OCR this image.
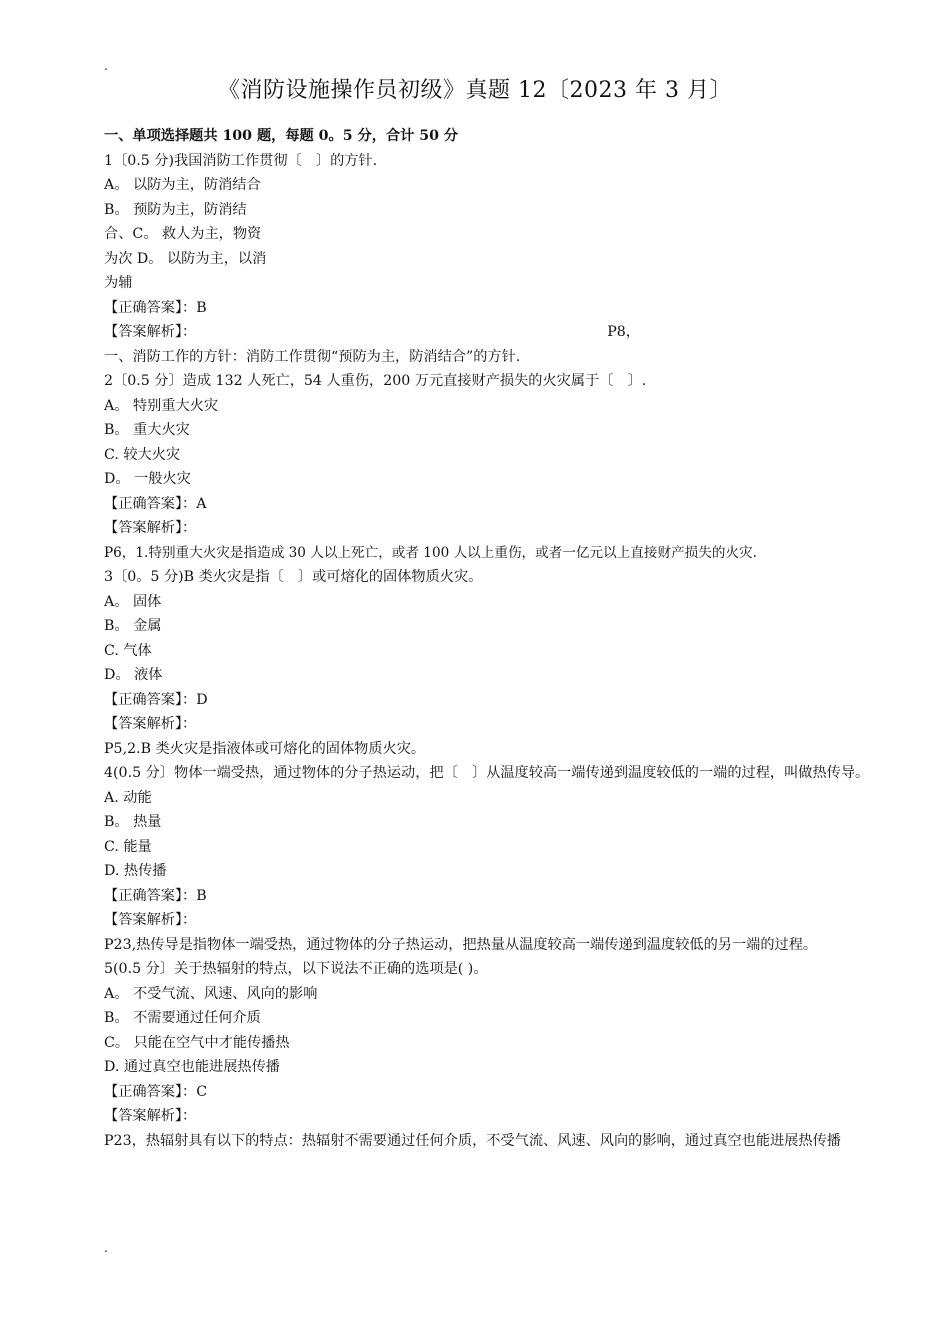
.
《消防设施操作员初级》真题 12〔2023 年 3 月〕
一、单项选择题共 100 题，每题 0。5 分，合计 50 分
1〔0.5 分)我国消防工作贯彻〔　〕的方针.
A。 以防为主，防消结合
B。 预防为主，防消结
合、C。 救人为主，物资
为次 D。 以防为主，以消
为辅
【正确答案】：B
【答案解析】：	P8，
一、消防工作的方针：消防工作贯彻“预防为主，防消结合”的方针.
2〔0.5 分〕造成 132 人死亡，54 人重伤，200 万元直接财产损失的火灾属于〔　〕.
A。 特别重大火灾
B。 重大火灾
C. 较大火灾
D。 一般火灾
【正确答案】：A
【答案解析】：
P6，1.特别重大火灾是指造成 30 人以上死亡，或者 100 人以上重伤，或者一亿元以上直接财产损失的火灾.
3〔0。5 分)B 类火灾是指〔　〕或可熔化的固体物质火灾。
A。 固体
B。 金属
C. 气体
D。 液体
【正确答案】：D
【答案解析】：
P5,2.B 类火灾是指液体或可熔化的固体物质火灾。
4(0.5 分〕物体一端受热，通过物体的分子热运动，把〔　〕从温度较高一端传递到温度较低的一端的过程，叫做热传导。
A. 动能
B。 热量
C. 能量
D. 热传播
【正确答案】：B
【答案解析】：
P23,热传导是指物体一端受热，通过物体的分子热运动，把热量从温度较高一端传递到温度较低的另一端的过程。
5(0.5 分〕关于热辐射的特点，以下说法不正确的选项是( )。
A。 不受气流、风速、风向的影响
B。 不需要通过任何介质
C。 只能在空气中才能传播热
D. 通过真空也能进展热传播
【正确答案】：C
【答案解析】：
P23，热辐射具有以下的特点：热辐射不需要通过任何介质，不受气流、风速、风向的影响，通过真空也能进展热传播
.
